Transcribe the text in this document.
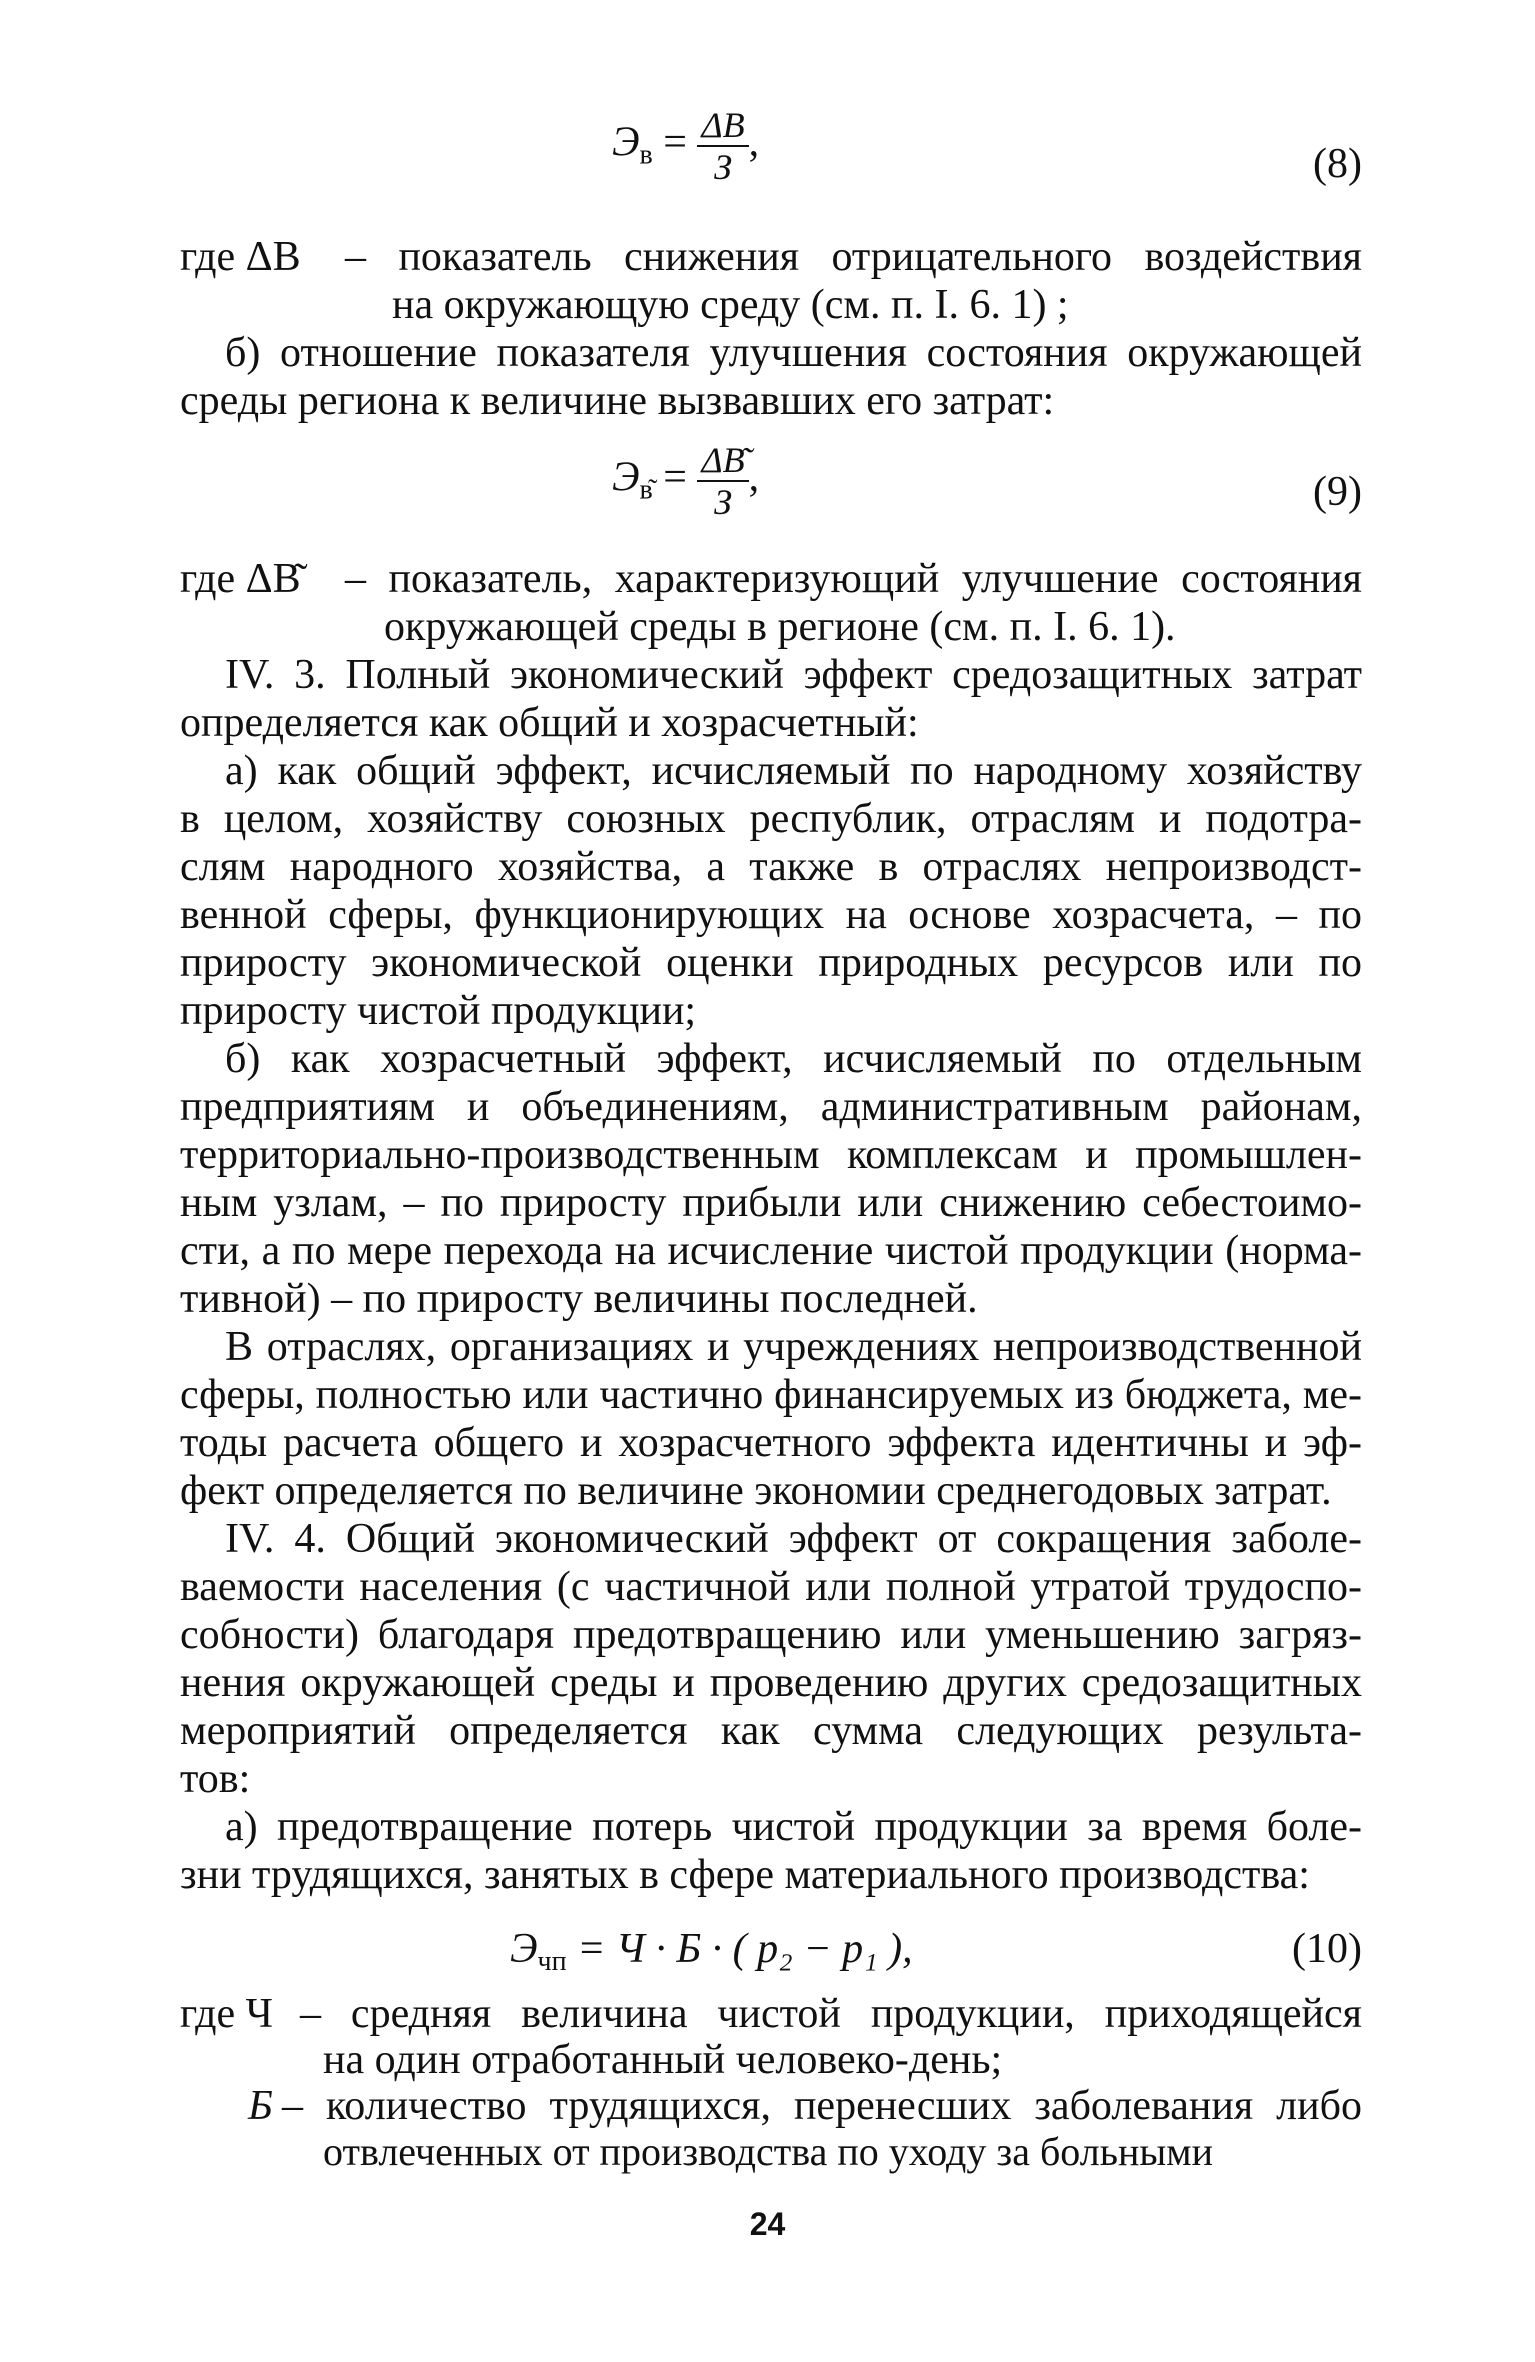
$Э_в = \frac{\Delta В}{З}$ ,	(8)
где ΔВ – показатель снижения отрицательного воздействия
на окружающую среду (см. п. I. 6. 1) ;
б) отношение показателя улучшения состояния окружающей
среды региона к величине вызвавших его затрат:
$Э_{в͂} = \frac{\Delta В͂}{З}$ ,	(9)
где ΔВ͂ – показатель, характеризующий улучшение состояния
окружающей среды в регионе (см. п. I. 6. 1).
IV. 3. Полный экономический эффект средозащитных затрат
определяется как общий и хозрасчетный:
а) как общий эффект, исчисляемый по народному хозяйству
в целом, хозяйству союзных республик, отраслям и подотра-
слям народного хозяйства, а также в отраслях непроизводст-
венной сферы, функционирующих на основе хозрасчета, – по
приросту экономической оценки природных ресурсов или по
приросту чистой продукции;
б) как хозрасчетный эффект, исчисляемый по отдельным
предприятиям и объединениям, административным районам,
территориально-производственным комплексам и промышлен-
ным узлам, – по приросту прибыли или снижению себестоимо-
сти, а по мере перехода на исчисление чистой продукции (норма-
тивной) – по приросту величины последней.
В отраслях, организациях и учреждениях непроизводственной
сферы, полностью или частично финансируемых из бюджета, ме-
тоды расчета общего и хозрасчетного эффекта идентичны и эф-
фект определяется по величине экономии среднегодовых затрат.
IV. 4. Общий экономический эффект от сокращения заболе-
ваемости населения (с частичной или полной утратой трудоспо-
собности) благодаря предотвращению или уменьшению загряз-
нения окружающей среды и проведению других средозащитных
мероприятий определяется как сумма следующих результа-
тов:
а) предотвращение потерь чистой продукции за время боле-
зни трудящихся, занятых в сфере материального производства:
$Э_{чп} = Ч \cdot Б$ · ( p₂ − p₁ ),	(10)
где Ч – средняя величина чистой продукции, приходящейся
на один отработанный человеко-день;
24
Б – количество трудящихся, перенесших заболевания либо
отвлеченных от производства по уходу за больными
